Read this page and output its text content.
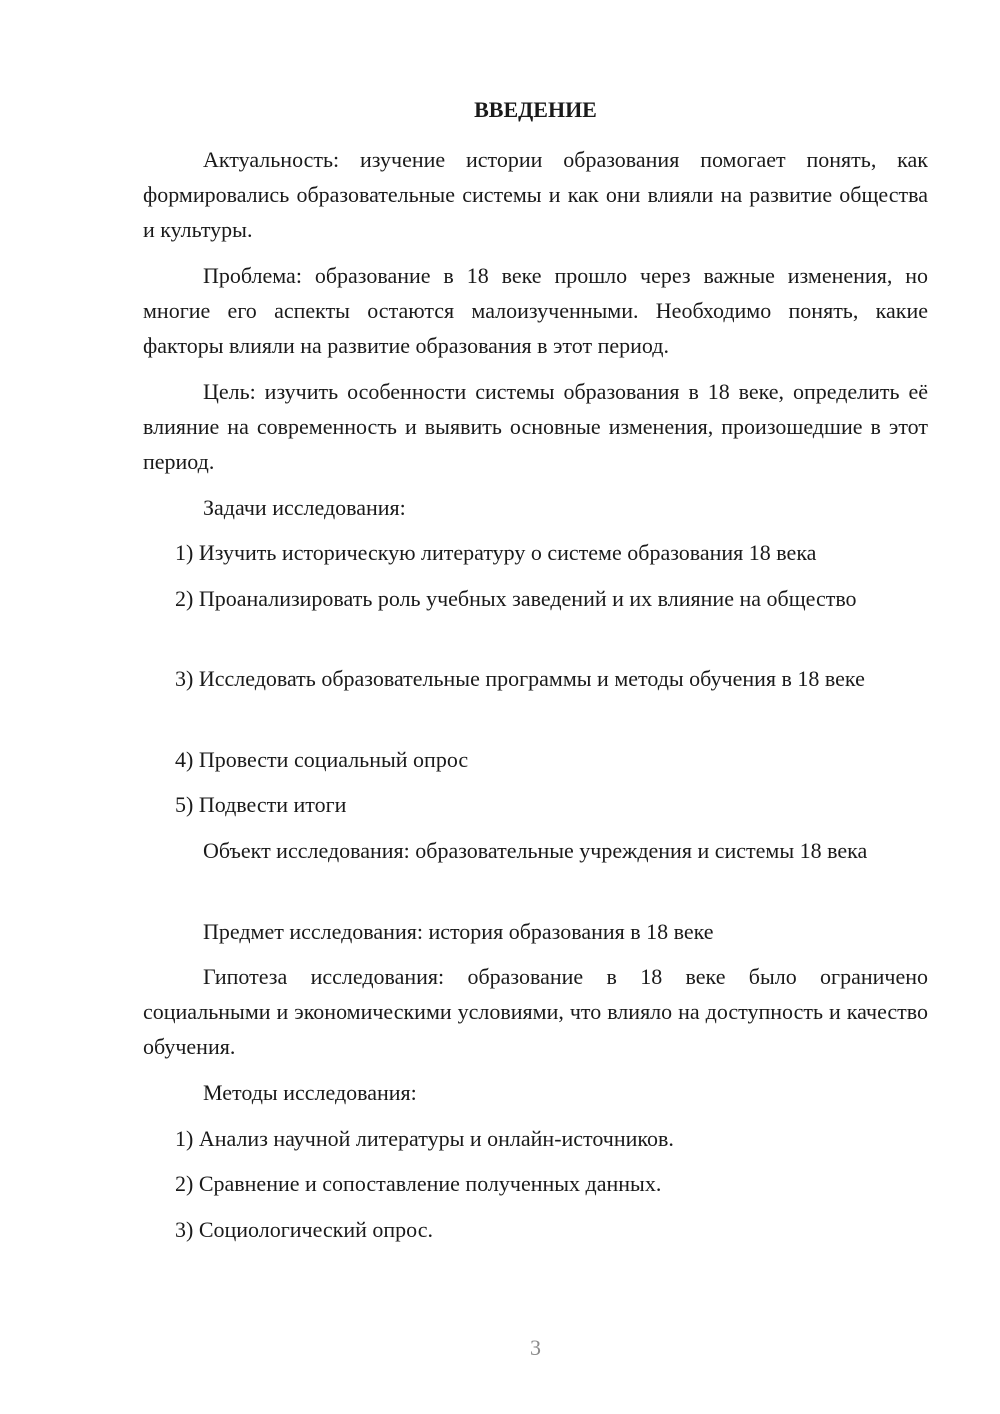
ВВЕДЕНИЕ

Актуальность: изучение истории образования помогает понять, как формировались образовательные системы и как они влияли на развитие общества и культуры.

Проблема: образование в 18 веке прошло через важные изменения, но многие его аспекты остаются малоизученными. Необходимо понять, какие факторы влияли на развитие образования в этот период.

Цель: изучить особенности системы образования в 18 веке, определить её влияние на современность и выявить основные изменения, произошедшие в этот период.

Задачи исследования:

1) Изучить историческую литературу о системе образования 18 века

2) Проанализировать роль учебных заведений и их влияние на общество

3) Исследовать образовательные программы и методы обучения в 18 веке

4) Провести социальный опрос

5) Подвести итоги

Объект исследования: образовательные учреждения и системы 18 века

Предмет исследования: история образования в 18 веке

Гипотеза исследования: образование в 18 веке было ограничено социальными и экономическими условиями, что влияло на доступность и качество обучения.

Методы исследования:

1) Анализ научной литературы и онлайн-источников.

2) Сравнение и сопоставление полученных данных.

3) Социологический опрос.

3
